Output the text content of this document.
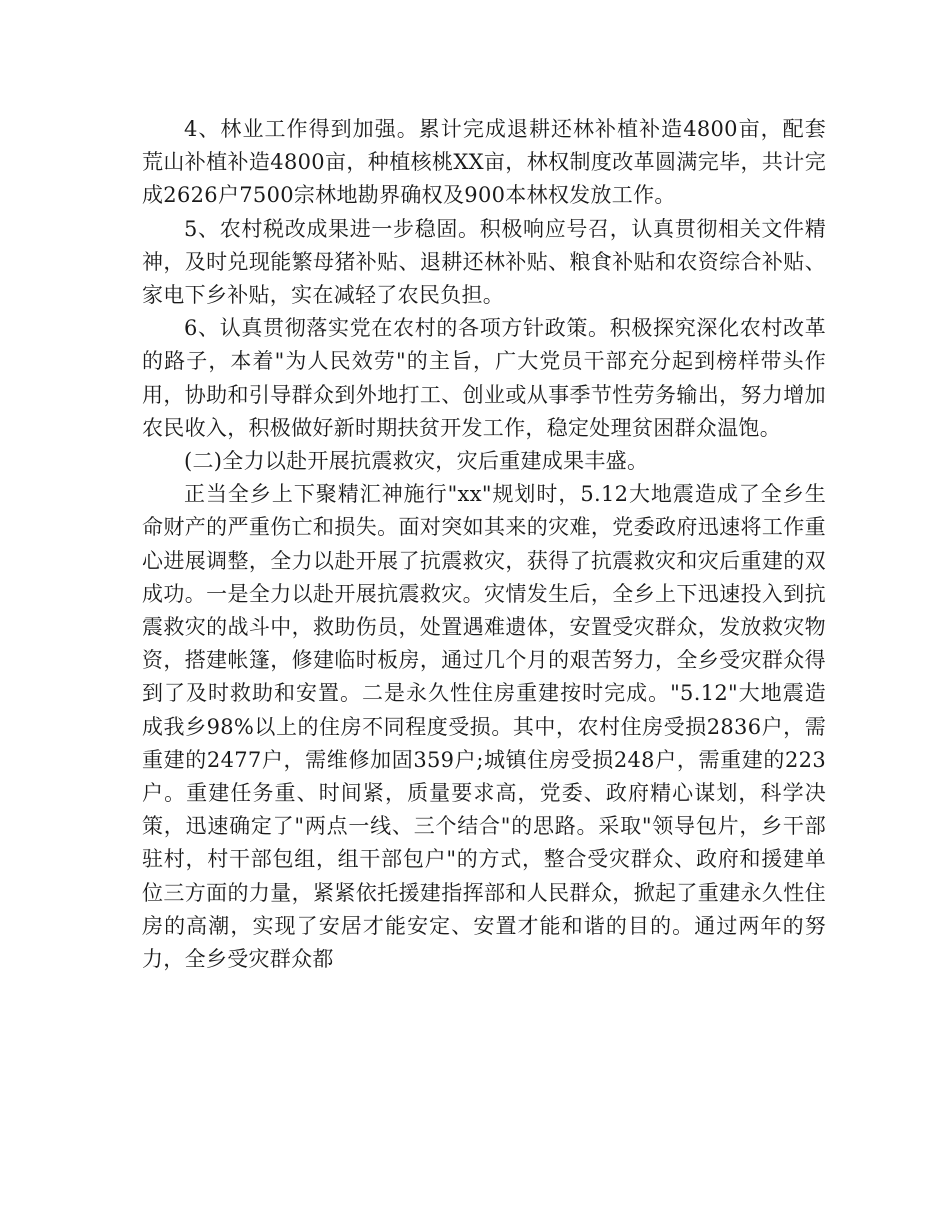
4、林业工作得到加强。累计完成退耕还林补植补造4800亩，配套荒山补植补造4800亩，种植核桃XX亩，林权制度改革圆满完毕，共计完成2626户7500宗林地勘界确权及900本林权发放工作。

5、农村税改成果进一步稳固。积极响应号召，认真贯彻相关文件精神，及时兑现能繁母猪补贴、退耕还林补贴、粮食补贴和农资综合补贴、家电下乡补贴，实在减轻了农民负担。

6、认真贯彻落实党在农村的各项方针政策。积极探究深化农村改革的路子，本着"为人民效劳"的主旨，广大党员干部充分起到榜样带头作用，协助和引导群众到外地打工、创业或从事季节性劳务输出，努力增加农民收入，积极做好新时期扶贫开发工作，稳定处理贫困群众温饱。

(二)全力以赴开展抗震救灾，灾后重建成果丰盛。

正当全乡上下聚精汇神施行"xx"规划时，5.12大地震造成了全乡生命财产的严重伤亡和损失。面对突如其来的灾难，党委政府迅速将工作重心进展调整，全力以赴开展了抗震救灾，获得了抗震救灾和灾后重建的双成功。一是全力以赴开展抗震救灾。灾情发生后，全乡上下迅速投入到抗震救灾的战斗中，救助伤员，处置遇难遗体，安置受灾群众，发放救灾物资，搭建帐篷，修建临时板房，通过几个月的艰苦努力，全乡受灾群众得到了及时救助和安置。二是永久性住房重建按时完成。"5.12"大地震造成我乡98%以上的住房不同程度受损。其中，农村住房受损2836户，需重建的2477户，需维修加固359户;城镇住房受损248户，需重建的223户。重建任务重、时间紧，质量要求高，党委、政府精心谋划，科学决策，迅速确定了"两点一线、三个结合"的思路。采取"领导包片，乡干部驻村，村干部包组，组干部包户"的方式，整合受灾群众、政府和援建单位三方面的力量，紧紧依托援建指挥部和人民群众，掀起了重建永久性住房的高潮，实现了安居才能安定、安置才能和谐的目的。通过两年的努力，全乡受灾群众都
